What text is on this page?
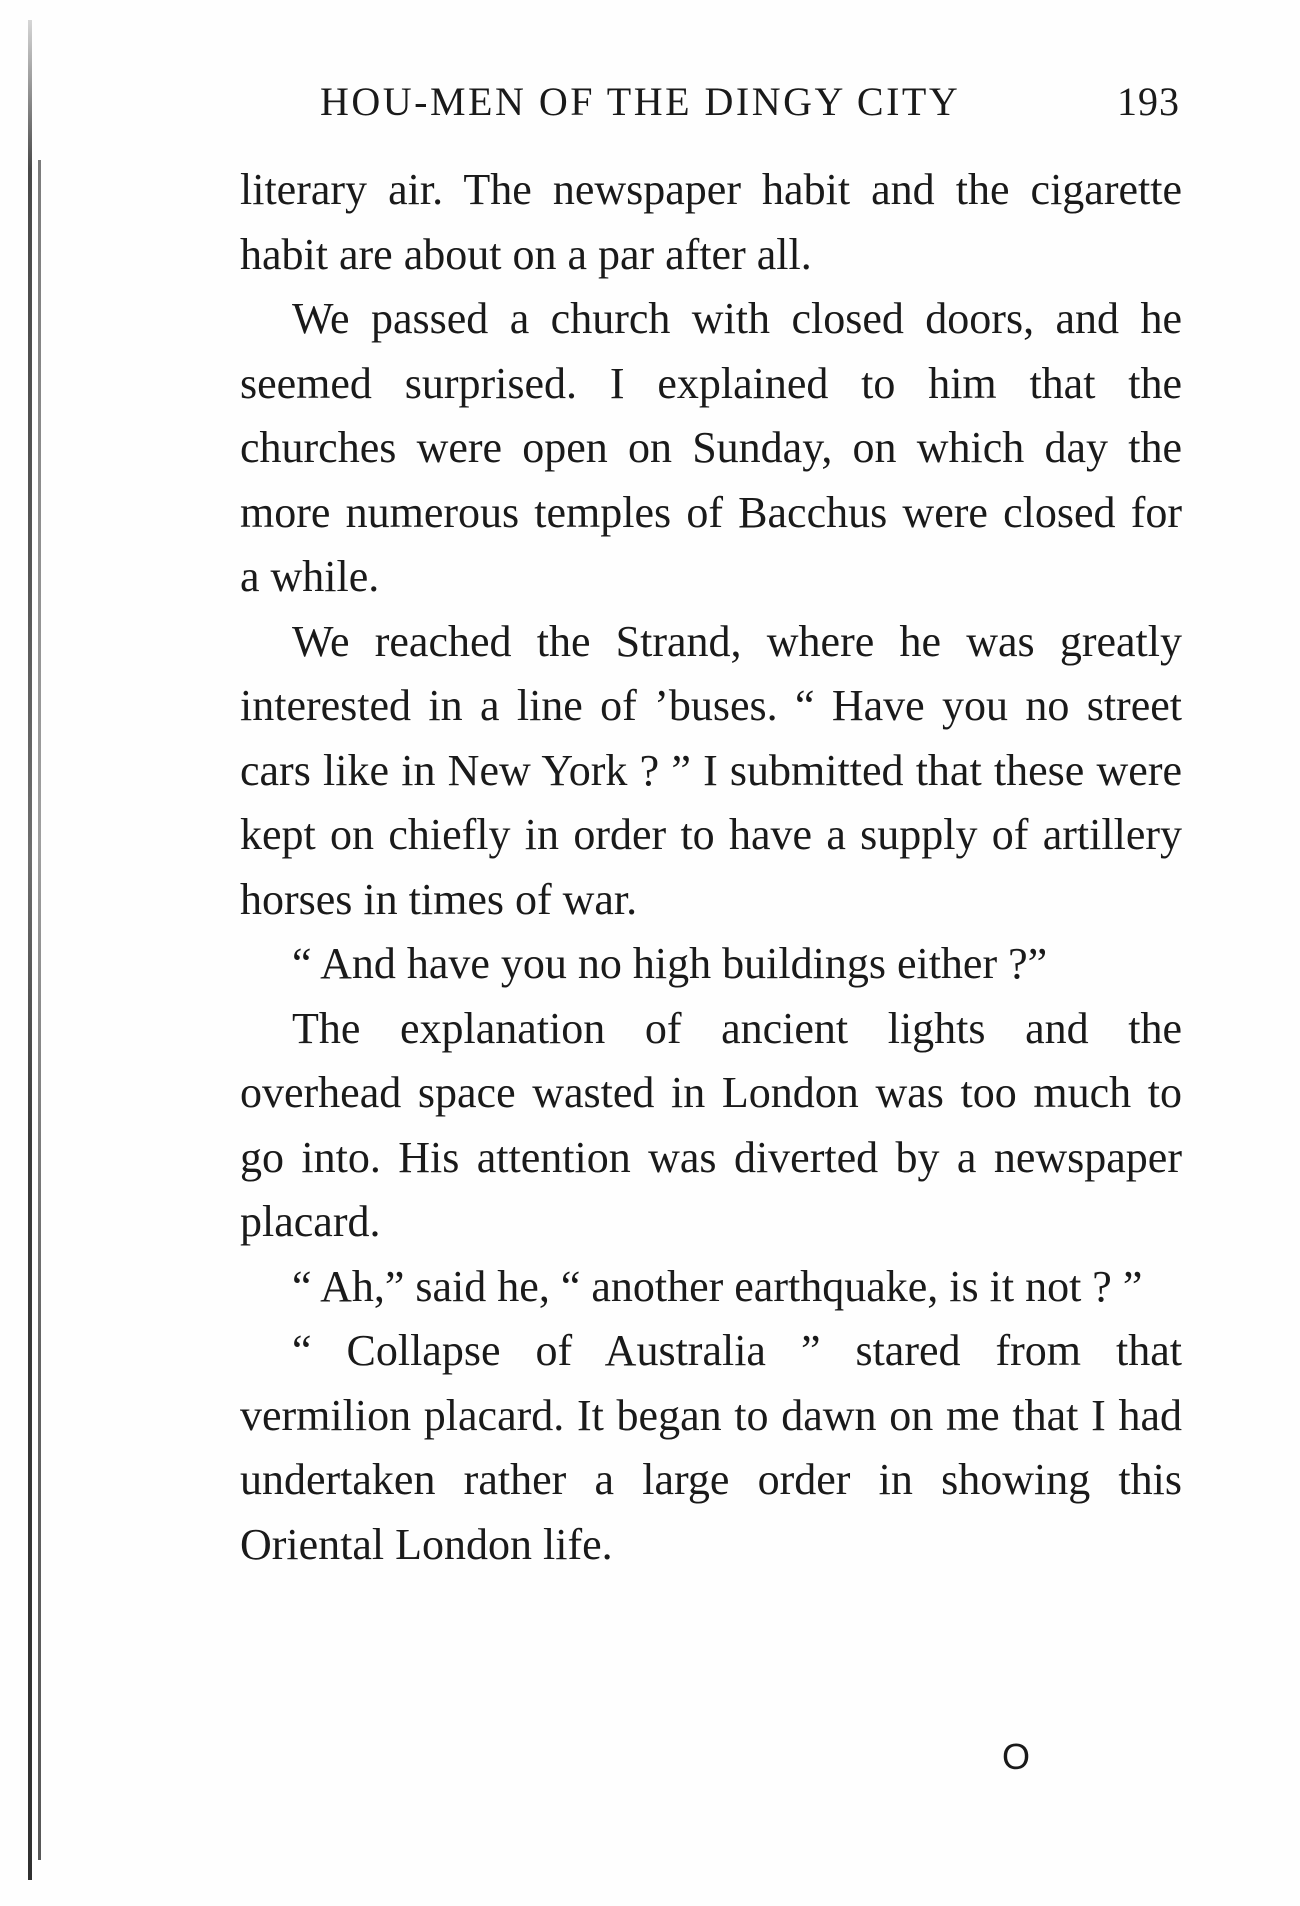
HOU-MEN OF THE DINGY CITY	193

literary air. The newspaper habit and the cigarette habit are about on a par after all.

We passed a church with closed doors, and he seemed surprised. I explained to him that the churches were open on Sunday, on which day the more numerous temples of Bacchus were closed for a while.

We reached the Strand, where he was greatly interested in a line of ’buses. “ Have you no street cars like in New York ? ” I submitted that these were kept on chiefly in order to have a supply of artillery horses in times of war.

“ And have you no high buildings either ?”

The explanation of ancient lights and the overhead space wasted in London was too much to go into. His attention was diverted by a newspaper placard.

“ Ah,” said he, “ another earthquake, is it not ? ”

“ Collapse of Australia ” stared from that vermilion placard. It began to dawn on me that I had undertaken rather a large order in showing this Oriental London life.

O
